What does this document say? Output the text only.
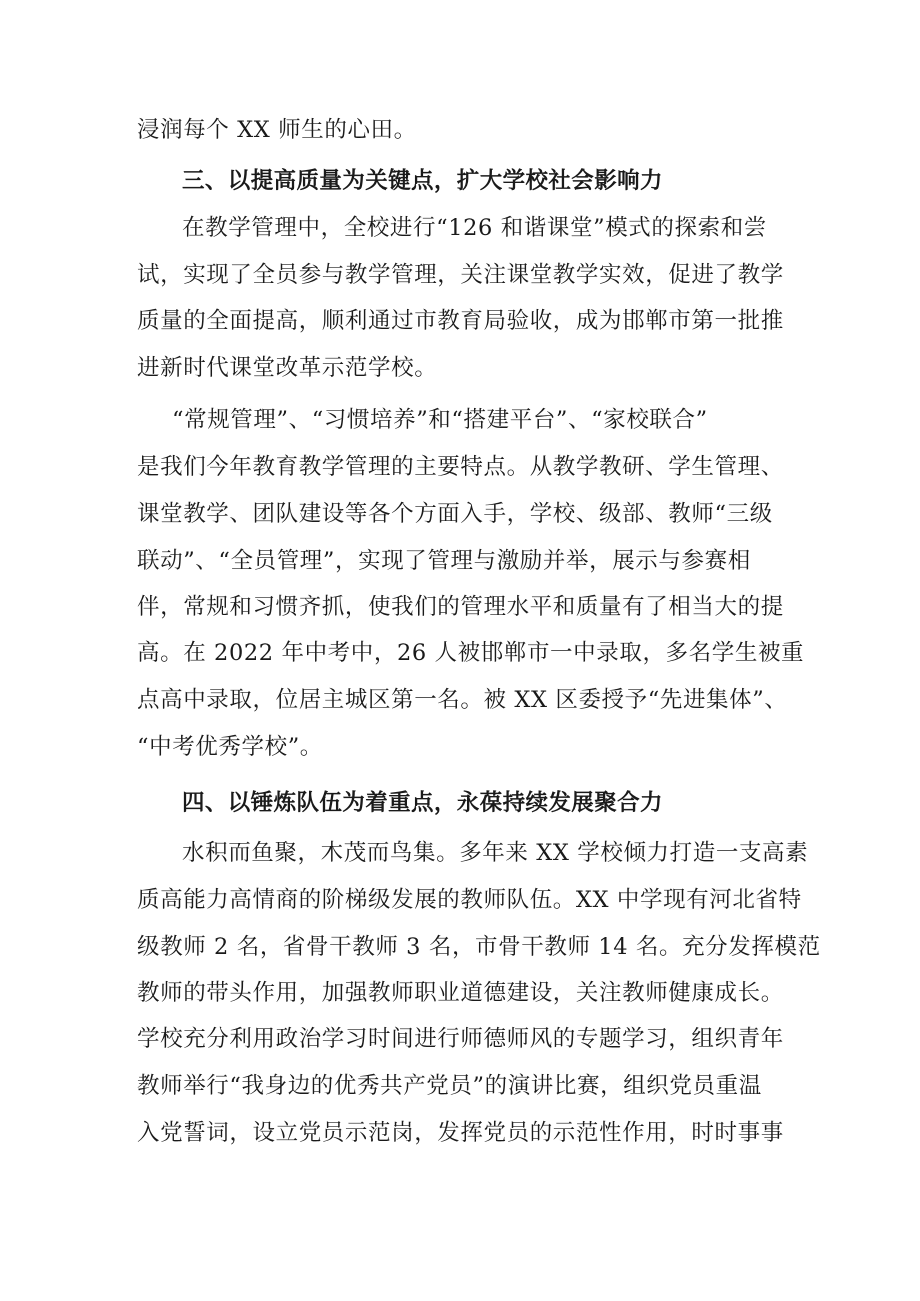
浸润每个 XX 师生的心田。

三、以提高质量为关键点，扩大学校社会影响力

在教学管理中，全校进行“126 和谐课堂”模式的探索和尝

试，实现了全员参与教学管理，关注课堂教学实效，促进了教学

质量的全面提高，顺利通过市教育局验收，成为邯郸市第一批推

进新时代课堂改革示范学校。

“常规管理”、“习惯培养”和“搭建平台”、“家校联合”

是我们今年教育教学管理的主要特点。从教学教研、学生管理、

课堂教学、团队建设等各个方面入手，学校、级部、教师“三级

联动”、“全员管理”，实现了管理与激励并举，展示与参赛相

伴，常规和习惯齐抓，使我们的管理水平和质量有了相当大的提

高。在 2022 年中考中，26 人被邯郸市一中录取，多名学生被重

点高中录取，位居主城区第一名。被 XX 区委授予“先进集体”、

“中考优秀学校”。

四、以锤炼队伍为着重点，永葆持续发展聚合力

水积而鱼聚，木茂而鸟集。多年来 XX 学校倾力打造一支高素

质高能力高情商的阶梯级发展的教师队伍。XX 中学现有河北省特

级教师 2 名，省骨干教师 3 名，市骨干教师 14 名。充分发挥模范

教师的带头作用，加强教师职业道德建设，关注教师健康成长。

学校充分利用政治学习时间进行师德师风的专题学习，组织青年

教师举行“我身边的优秀共产党员”的演讲比赛，组织党员重温

入党誓词，设立党员示范岗，发挥党员的示范性作用，时时事事
